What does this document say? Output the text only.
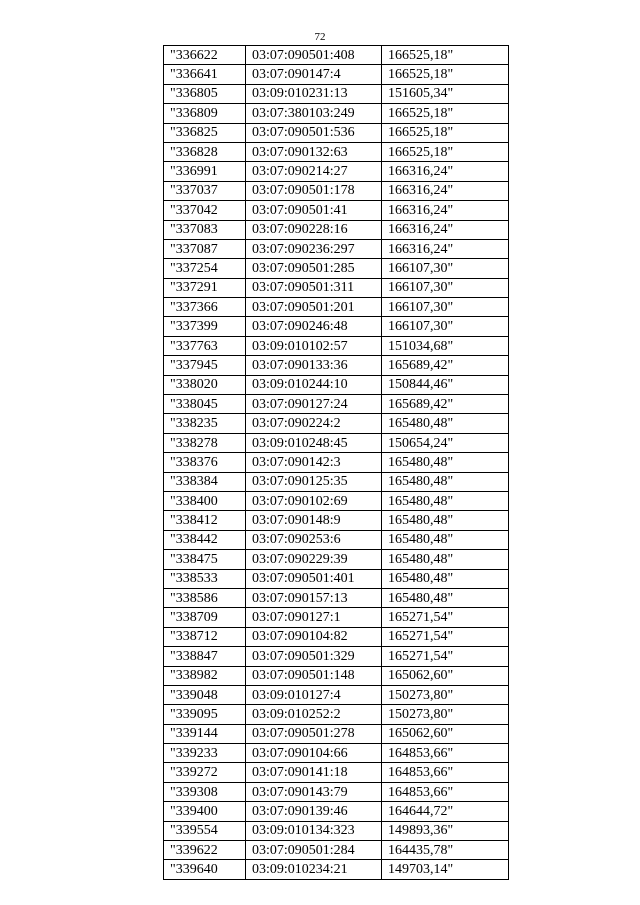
72
"336622	03:07:090501:408	166525,18"
"336641	03:07:090147:4	166525,18"
"336805	03:09:010231:13	151605,34"
"336809	03:07:380103:249	166525,18"
"336825	03:07:090501:536	166525,18"
"336828	03:07:090132:63	166525,18"
"336991	03:07:090214:27	166316,24"
"337037	03:07:090501:178	166316,24"
"337042	03:07:090501:41	166316,24"
"337083	03:07:090228:16	166316,24"
"337087	03:07:090236:297	166316,24"
"337254	03:07:090501:285	166107,30"
"337291	03:07:090501:311	166107,30"
"337366	03:07:090501:201	166107,30"
"337399	03:07:090246:48	166107,30"
"337763	03:09:010102:57	151034,68"
"337945	03:07:090133:36	165689,42"
"338020	03:09:010244:10	150844,46"
"338045	03:07:090127:24	165689,42"
"338235	03:07:090224:2	165480,48"
"338278	03:09:010248:45	150654,24"
"338376	03:07:090142:3	165480,48"
"338384	03:07:090125:35	165480,48"
"338400	03:07:090102:69	165480,48"
"338412	03:07:090148:9	165480,48"
"338442	03:07:090253:6	165480,48"
"338475	03:07:090229:39	165480,48"
"338533	03:07:090501:401	165480,48"
"338586	03:07:090157:13	165480,48"
"338709	03:07:090127:1	165271,54"
"338712	03:07:090104:82	165271,54"
"338847	03:07:090501:329	165271,54"
"338982	03:07:090501:148	165062,60"
"339048	03:09:010127:4	150273,80"
"339095	03:09:010252:2	150273,80"
"339144	03:07:090501:278	165062,60"
"339233	03:07:090104:66	164853,66"
"339272	03:07:090141:18	164853,66"
"339308	03:07:090143:79	164853,66"
"339400	03:07:090139:46	164644,72"
"339554	03:09:010134:323	149893,36"
"339622	03:07:090501:284	164435,78"
"339640	03:09:010234:21	149703,14"
